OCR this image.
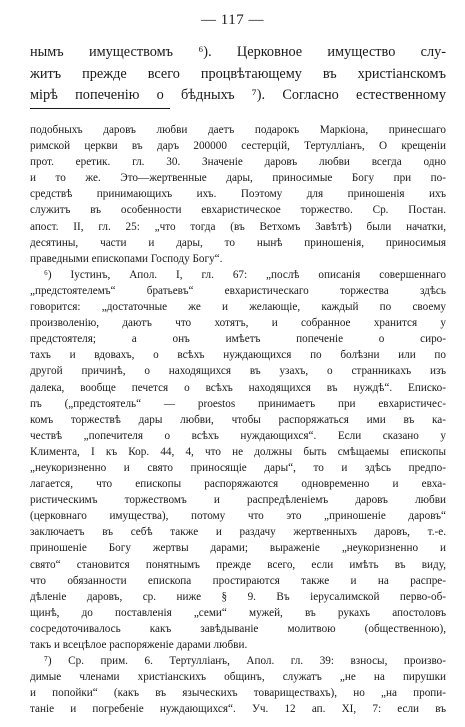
— 117 —
нымъ имуществомъ ⁶). Церковное имущество слу-
житъ прежде всего процвѣтающему въ христiанскомъ
мiрѣ попеченiю о бѣдныхъ ⁷). Согласно естественному
подобныхъ даровъ любви даетъ подарокъ Маркiона, принесшаго
римской церкви въ даръ 200000 сестерцiй, Тертулліанъ, О крещеніи
прот. еретик. гл. 30. Значеніе даровъ любви всегда одно
и то же. Это—жертвенные дары, приносимые Богу при по-
средствѣ принимающихъ ихъ. Поэтому для приношенiя ихъ
служитъ въ особенности евхаристическое торжество. Ср. Постан.
апост. II, гл. 25: „что тогда (въ Ветхомъ Завѣтѣ) были начатки,
десятины, части и дары, то нынѣ приношенiя, приносимыя
праведными епископами Господу Богу“.
⁶) Iустинъ, Апол. I, гл. 67: „послѣ описанiя совершеннаго
„предстоятелемъ“ братьевъ“ евхаристическаго торжества здѣсь
говорится: „достаточные же и желающiе, каждый по своему
произволенiю, даютъ что хотятъ, и собранное хранится у
предстоятеля; а онъ имѣетъ попеченiе о сиро-
тахъ и вдовахъ, о всѣхъ нуждающихся по болѣзни или по
другой причинѣ, о находящихся въ узахъ, о странникахъ изъ
далека, вообще печется о всѣхъ находящихся въ нуждѣ“. Еписко-
пъ („предстоятель“ — proestos принимаетъ при евхаристичес-
комъ торжествѣ дары любви, чтобы распоряжаться ими въ ка-
чествѣ „попечителя о всѣхъ нуждающихся“. Если сказано у
Климента, I къ Кор. 44, 4, что не должны быть смѣщаемы епископы
„неукоризненно и свято приносящiе дары“, то и здѣсь предпо-
лагается, что епископы распоряжаются одновременно и евха-
ристическимъ торжествомъ и распредѣленiемъ даровъ любви
(церковнаго имущества), потому что это „приношенiе даровъ“
заключаетъ въ себѣ также и раздачу жертвенныхъ даровъ, т.-е.
приношенiе Богу жертвы дарами; выраженiе „неукоризненно и
свято“ становится понятнымъ прежде всего, если имѣть въ виду,
что обязанности епископа простираются также и на распре-
дѣленiе даровъ, ср. ниже § 9. Въ iерусалимской перво-об-
щинѣ, до поставленiя „семи“ мужей, въ рукахъ апостоловъ
сосредоточивалось какъ завѣдыванiе молитвою (общественною),
такъ и всецѣлое распоряженiе дарами любви.
⁷) Ср. прим. 6. Тертулліанъ, Апол. гл. 39: взносы, произво-
димые членами христiанскихъ общинъ, служатъ „не на пирушки
и попойки“ (какъ въ языческихъ товариществахъ), но „на пропи-
танiе и погребенiе нуждающихся“. Уч. 12 ап. XI, 7: если въ
